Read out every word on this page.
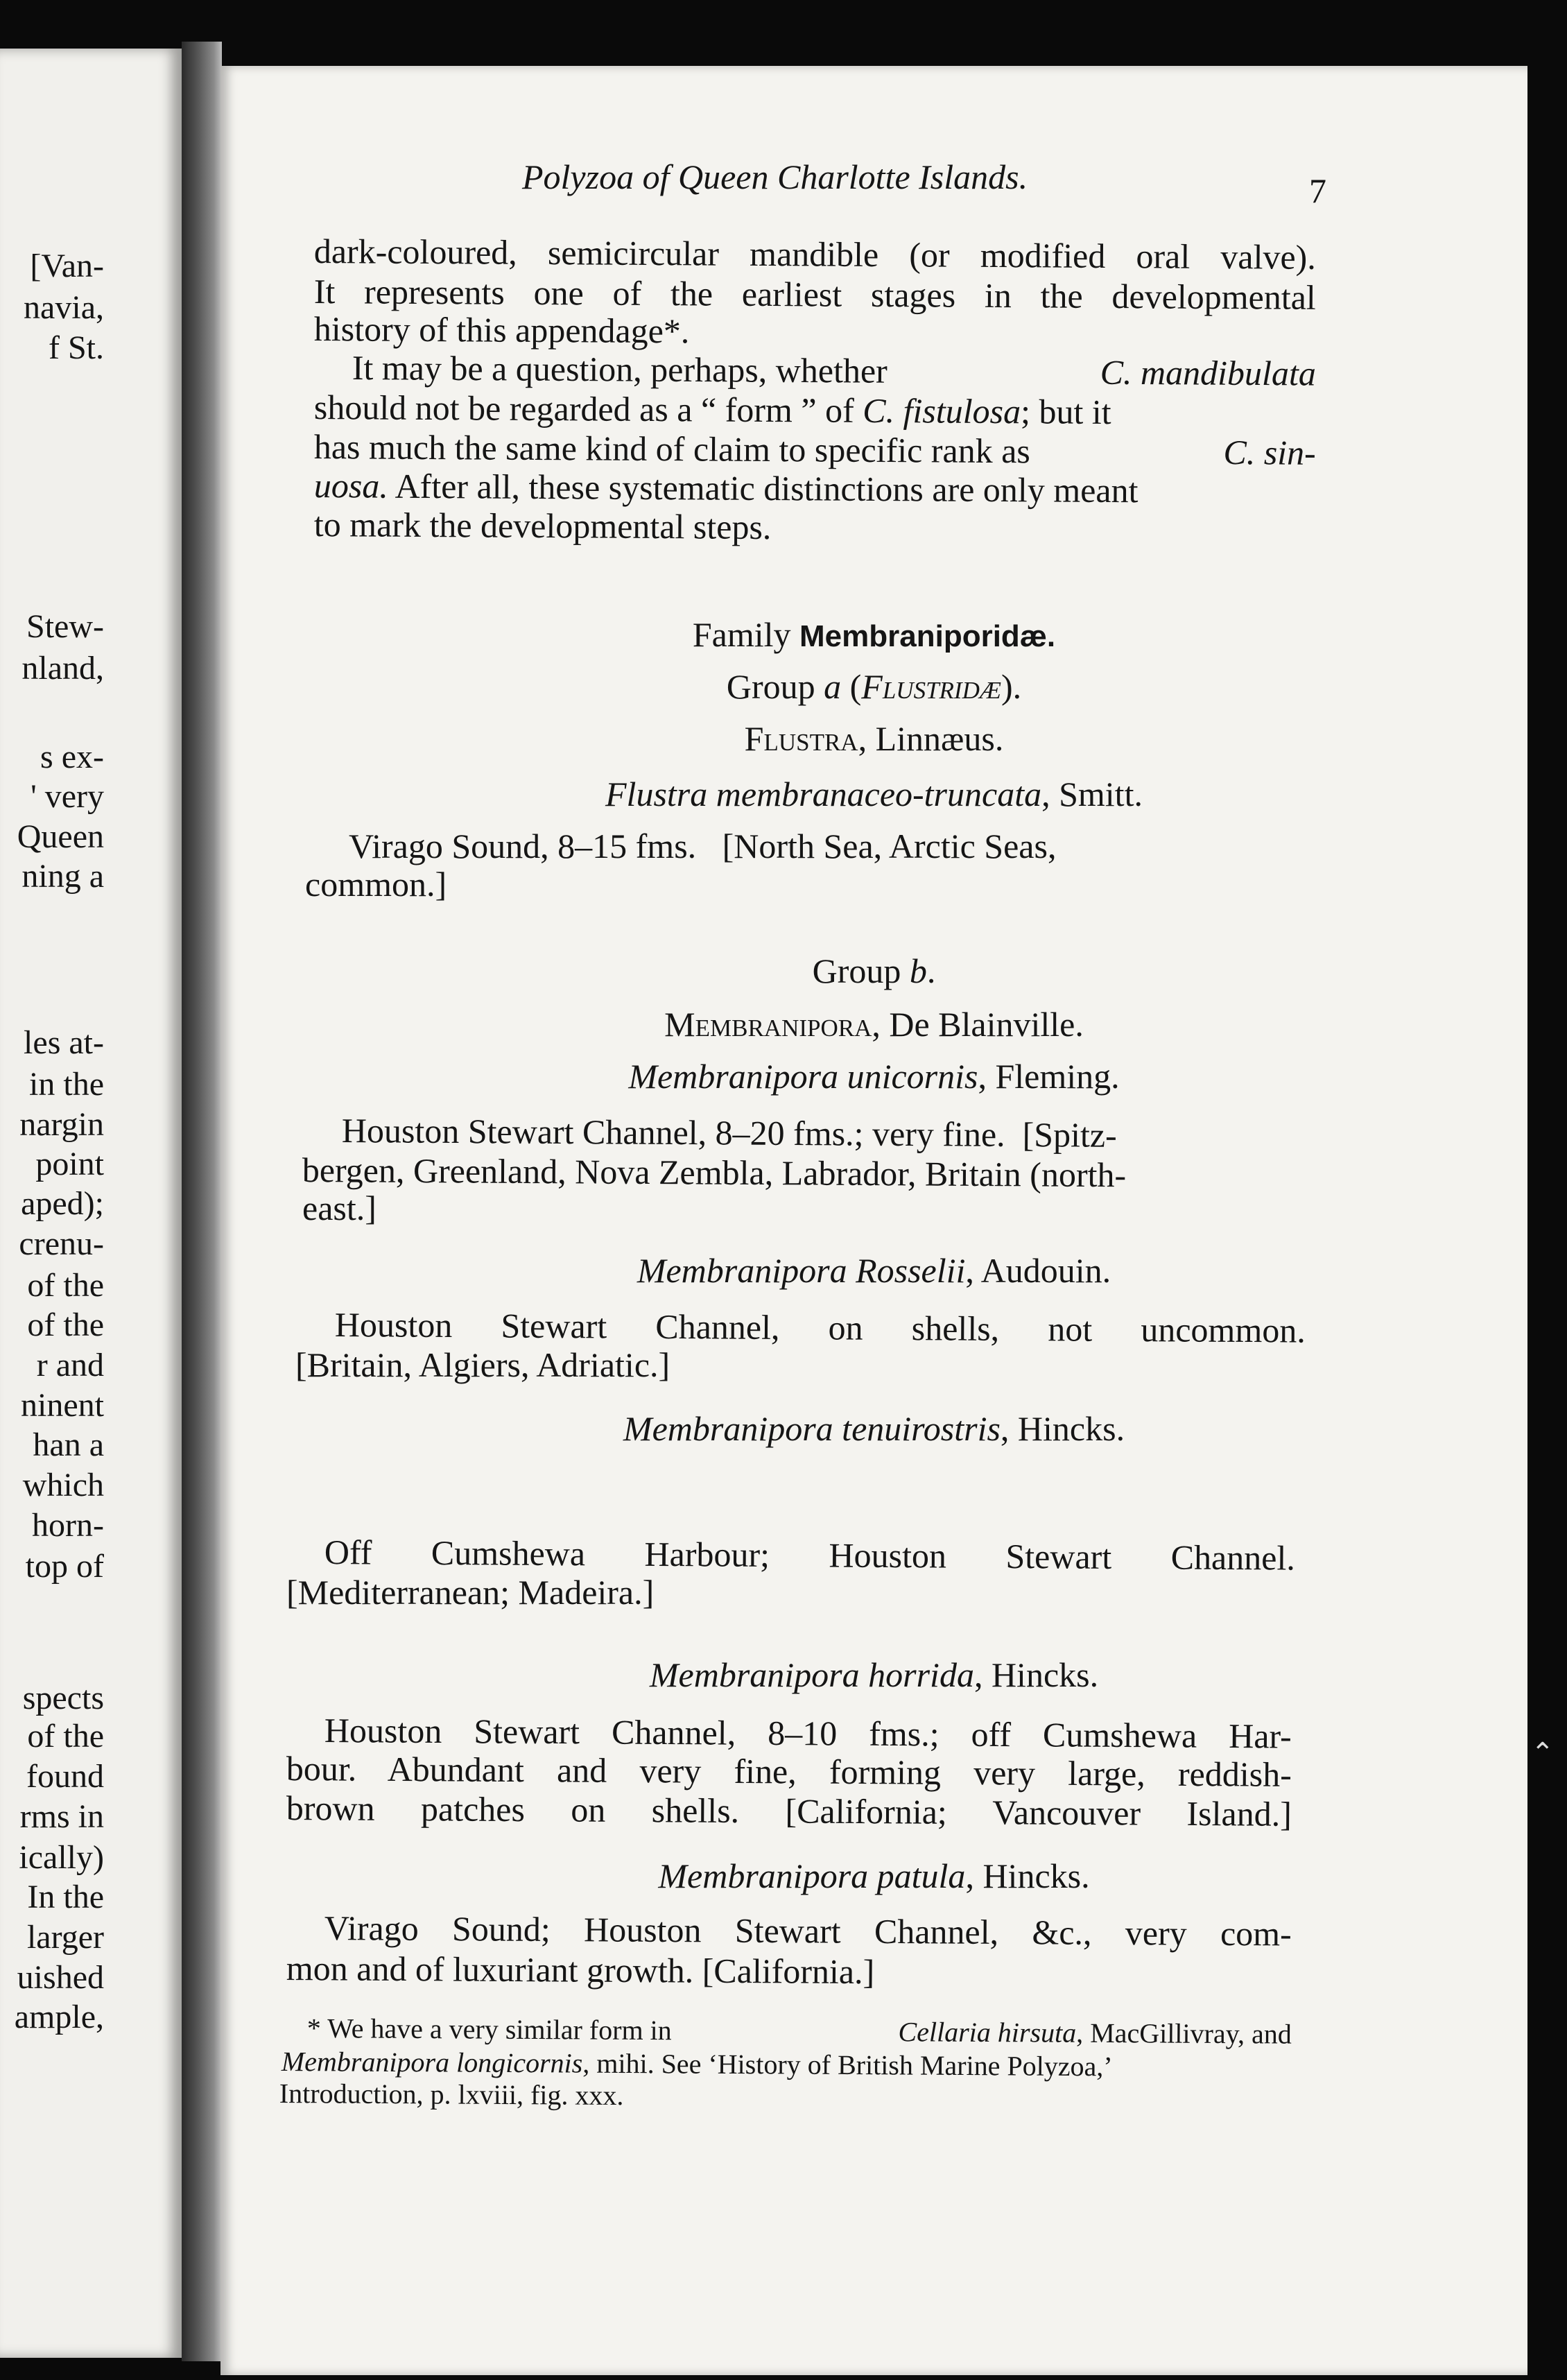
[Van-
navia,
f St.
Stew-
nland,
s ex-
' very
Queen
ning a
les at-
in the
nargin
point
aped);
crenu-
of the
of the
r and
ninent
han a
which
horn-
top of
spects
of the
found
rms in
ically)
In the
larger
uished
ample,
Polyzoa of Queen Charlotte Islands.	7
dark-coloured, semicircular mandible (or modified oral valve).
It represents one of the earliest stages in the developmental
history of this appendage*.
It may be a question, perhaps, whether	C. mandibulata
should not be regarded as a “ form ” of C. fistulosa; but it
has much the same kind of claim to specific rank as	C. sin-
uosa. After all, these systematic distinctions are only meant
to mark the developmental steps.
Family Membraniporidæ.
Group a (Flustridæ).
Flustra, Linnæus.
Flustra membranaceo-truncata, Smitt.
Virago Sound, 8–15 fms.   [North Sea, Arctic Seas,
common.]
Group b.
Membranipora, De Blainville.
Membranipora unicornis, Fleming.
Houston Stewart Channel, 8–20 fms.; very fine.  [Spitz-
bergen, Greenland, Nova Zembla, Labrador, Britain (north-
east.]
Membranipora Rosselii, Audouin.
Houston Stewart Channel, on shells, not uncommon.
[Britain, Algiers, Adriatic.]
Membranipora tenuirostris, Hincks.
Off Cumshewa Harbour; Houston Stewart Channel.
[Mediterranean; Madeira.]
Membranipora horrida, Hincks.
Houston Stewart Channel, 8–10 fms.; off Cumshewa Har-
bour. Abundant and very fine, forming very large, reddish-
brown patches on shells. [California; Vancouver Island.]
Membranipora patula, Hincks.
Virago Sound; Houston Stewart Channel, &c., very com-
mon and of luxuriant growth. [California.]
* We have a very similar form in	Cellaria hirsuta, MacGillivray, and
Membranipora longicornis, mihi. See ‘History of British Marine Polyzoa,’
Introduction, p. lxviii, fig. xxx.
⌃
